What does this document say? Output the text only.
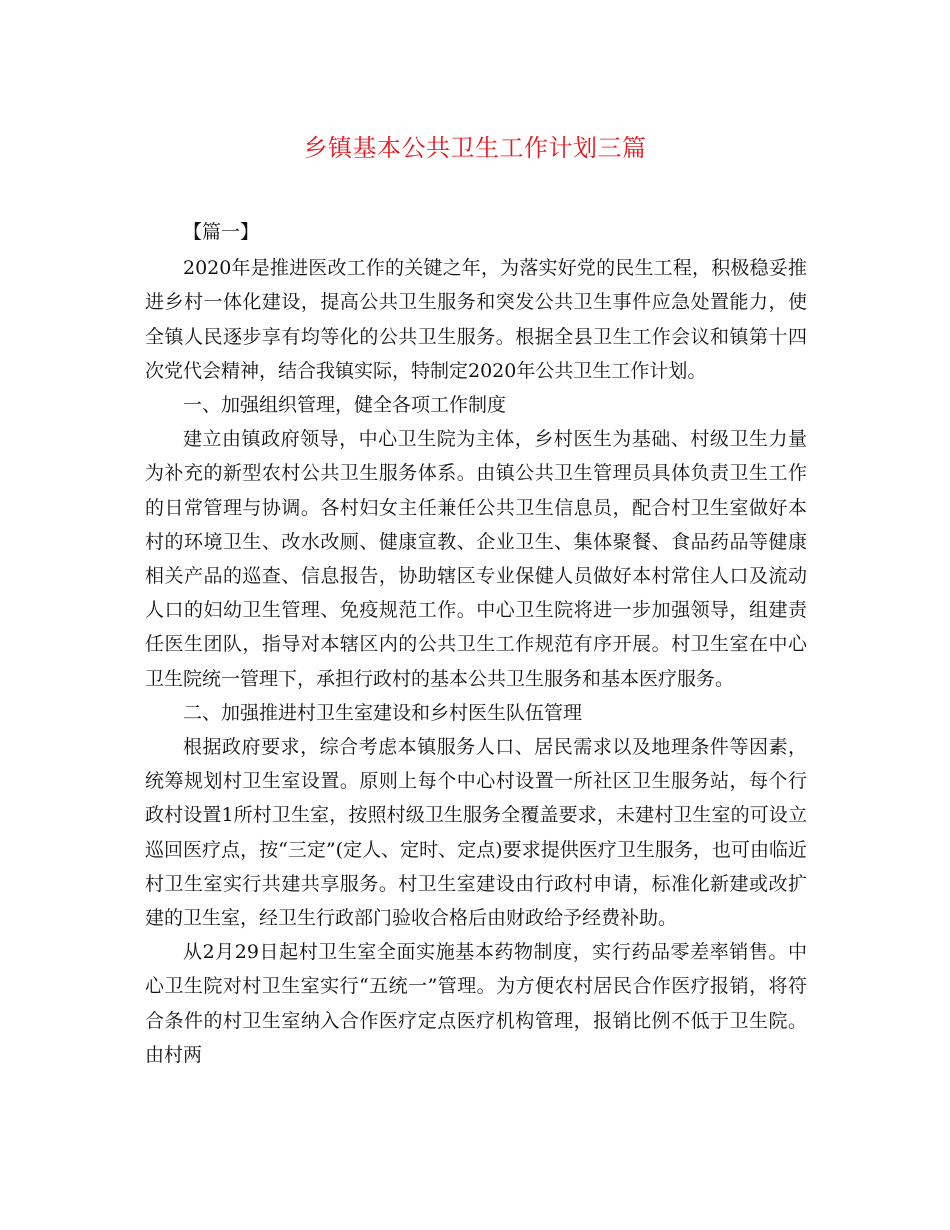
乡镇基本公共卫生工作计划三篇

【篇一】

2020年是推进医改工作的关键之年，为落实好党的民生工程，积极稳妥推进乡村一体化建设，提高公共卫生服务和突发公共卫生事件应急处置能力，使全镇人民逐步享有均等化的公共卫生服务。根据全县卫生工作会议和镇第十四次党代会精神，结合我镇实际，特制定2020年公共卫生工作计划。

一、加强组织管理，健全各项工作制度

建立由镇政府领导，中心卫生院为主体，乡村医生为基础、村级卫生力量为补充的新型农村公共卫生服务体系。由镇公共卫生管理员具体负责卫生工作的日常管理与协调。各村妇女主任兼任公共卫生信息员，配合村卫生室做好本村的环境卫生、改水改厕、健康宣教、企业卫生、集体聚餐、食品药品等健康相关产品的巡查、信息报告，协助辖区专业保健人员做好本村常住人口及流动人口的妇幼卫生管理、免疫规范工作。中心卫生院将进一步加强领导，组建责任医生团队，指导对本辖区内的公共卫生工作规范有序开展。村卫生室在中心卫生院统一管理下，承担行政村的基本公共卫生服务和基本医疗服务。

二、加强推进村卫生室建设和乡村医生队伍管理

根据政府要求，综合考虑本镇服务人口、居民需求以及地理条件等因素，统筹规划村卫生室设置。原则上每个中心村设置一所社区卫生服务站，每个行政村设置1所村卫生室，按照村级卫生服务全覆盖要求，未建村卫生室的可设立巡回医疗点，按“三定”(定人、定时、定点)要求提供医疗卫生服务，也可由临近村卫生室实行共建共享服务。村卫生室建设由行政村申请，标准化新建或改扩建的卫生室，经卫生行政部门验收合格后由财政给予经费补助。

从2月29日起村卫生室全面实施基本药物制度，实行药品零差率销售。中心卫生院对村卫生室实行“五统一”管理。为方便农村居民合作医疗报销，将符合条件的村卫生室纳入合作医疗定点医疗机构管理，报销比例不低于卫生院。由村两
